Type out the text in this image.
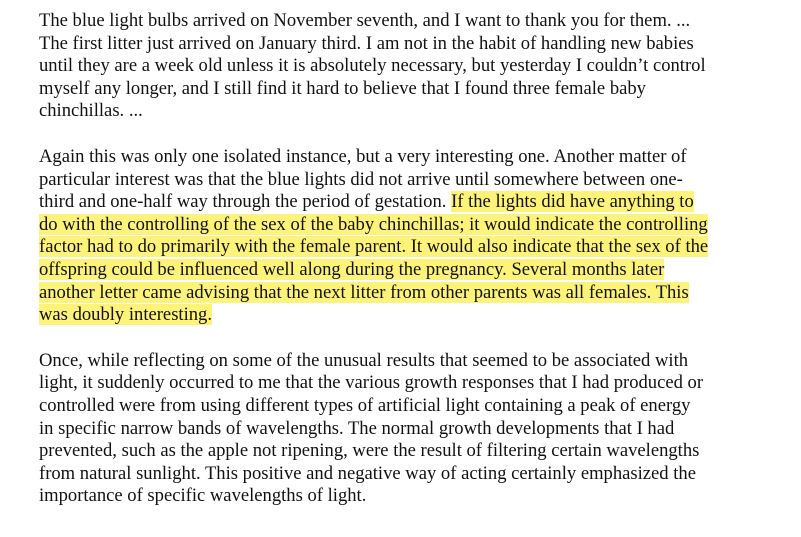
The blue light bulbs arrived on November seventh, and I want to thank you for them. ...
The first litter just arrived on January third. I am not in the habit of handling new babies
until they are a week old unless it is absolutely necessary, but yesterday I couldn’t control
myself any longer, and I still find it hard to believe that I found three female baby
chinchillas. ...

Again this was only one isolated instance, but a very interesting one. Another matter of
particular interest was that the blue lights did not arrive until somewhere between one-
third and one-half way through the period of gestation. If the lights did have anything to
do with the controlling of the sex of the baby chinchillas; it would indicate the controlling
factor had to do primarily with the female parent. It would also indicate that the sex of the
offspring could be influenced well along during the pregnancy. Several months later
another letter came advising that the next litter from other parents was all females. This
was doubly interesting.

Once, while reflecting on some of the unusual results that seemed to be associated with
light, it suddenly occurred to me that the various growth responses that I had produced or
controlled were from using different types of artificial light containing a peak of energy
in specific narrow bands of wavelengths. The normal growth developments that I had
prevented, such as the apple not ripening, were the result of filtering certain wavelengths
from natural sunlight. This positive and negative way of acting certainly emphasized the
importance of specific wavelengths of light.
